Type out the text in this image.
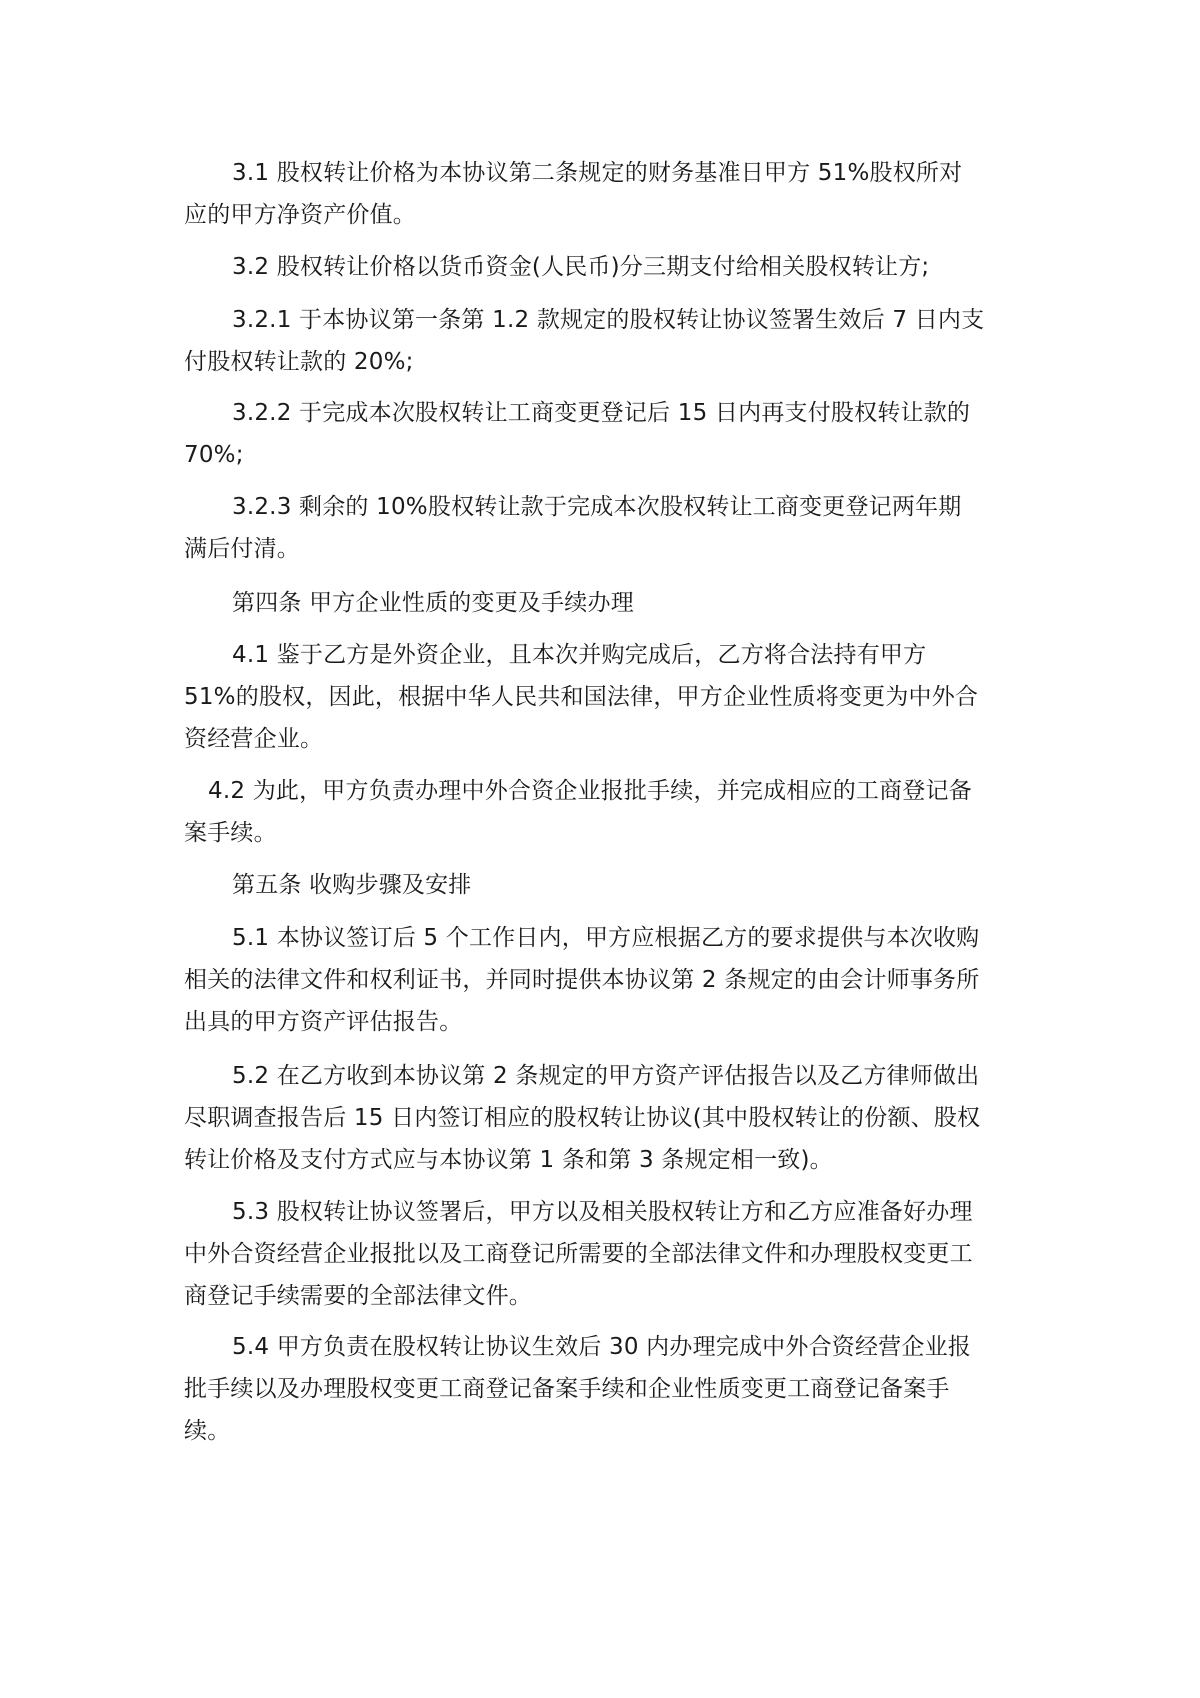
3.1 股权转让价格为本协议第二条规定的财务基准日甲方 51%股权所对
应的甲方净资产价值。
3.2 股权转让价格以货币资金(人民币)分三期支付给相关股权转让方;
3.2.1 于本协议第一条第 1.2 款规定的股权转让协议签署生效后 7 日内支
付股权转让款的 20%;
3.2.2 于完成本次股权转让工商变更登记后 15 日内再支付股权转让款的
70%;
3.2.3 剩余的 10%股权转让款于完成本次股权转让工商变更登记两年期
满后付清。
第四条 甲方企业性质的变更及手续办理
4.1 鉴于乙方是外资企业，且本次并购完成后，乙方将合法持有甲方
51%的股权，因此，根据中华人民共和国法律，甲方企业性质将变更为中外合
资经营企业。
4.2 为此，甲方负责办理中外合资企业报批手续，并完成相应的工商登记备
案手续。
第五条 收购步骤及安排
5.1 本协议签订后 5 个工作日内，甲方应根据乙方的要求提供与本次收购
相关的法律文件和权利证书，并同时提供本协议第 2 条规定的由会计师事务所
出具的甲方资产评估报告。
5.2 在乙方收到本协议第 2 条规定的甲方资产评估报告以及乙方律师做出
尽职调查报告后 15 日内签订相应的股权转让协议(其中股权转让的份额、股权
转让价格及支付方式应与本协议第 1 条和第 3 条规定相一致)。
5.3 股权转让协议签署后，甲方以及相关股权转让方和乙方应准备好办理
中外合资经营企业报批以及工商登记所需要的全部法律文件和办理股权变更工
商登记手续需要的全部法律文件。
5.4 甲方负责在股权转让协议生效后 30 内办理完成中外合资经营企业报
批手续以及办理股权变更工商登记备案手续和企业性质变更工商登记备案手
续。
